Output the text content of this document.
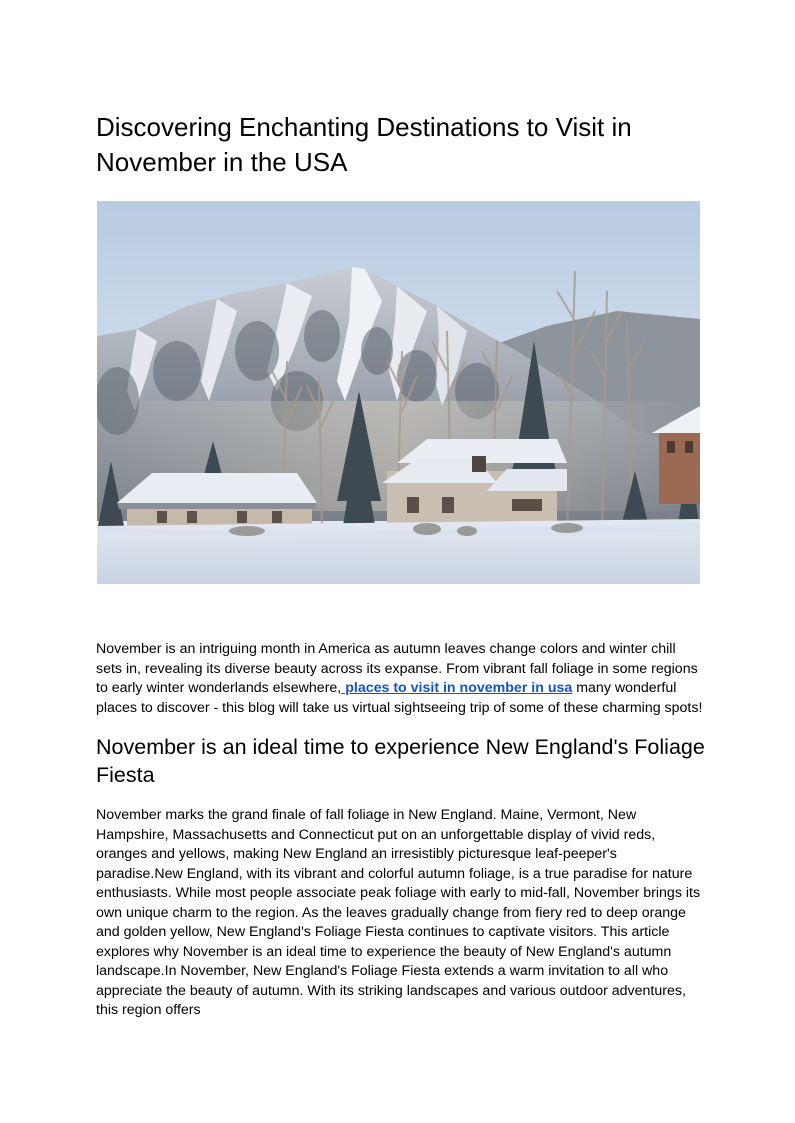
Discovering Enchanting Destinations to Visit in November in the USA

November is an intriguing month in America as autumn leaves change colors and winter chill sets in, revealing its diverse beauty across its expanse. From vibrant fall foliage in some regions to early winter wonderlands elsewhere, places to visit in november in usa many wonderful places to discover - this blog will take us virtual sightseeing trip of some of these charming spots!

November is an ideal time to experience New England's Foliage Fiesta

November marks the grand finale of fall foliage in New England. Maine, Vermont, New Hampshire, Massachusetts and Connecticut put on an unforgettable display of vivid reds, oranges and yellows, making New England an irresistibly picturesque leaf-peeper's paradise.New England, with its vibrant and colorful autumn foliage, is a true paradise for nature enthusiasts. While most people associate peak foliage with early to mid-fall, November brings its own unique charm to the region. As the leaves gradually change from fiery red to deep orange and golden yellow, New England's Foliage Fiesta continues to captivate visitors. This article explores why November is an ideal time to experience the beauty of New England's autumn landscape.In November, New England's Foliage Fiesta extends a warm invitation to all who appreciate the beauty of autumn. With its striking landscapes and various outdoor adventures, this region offers
